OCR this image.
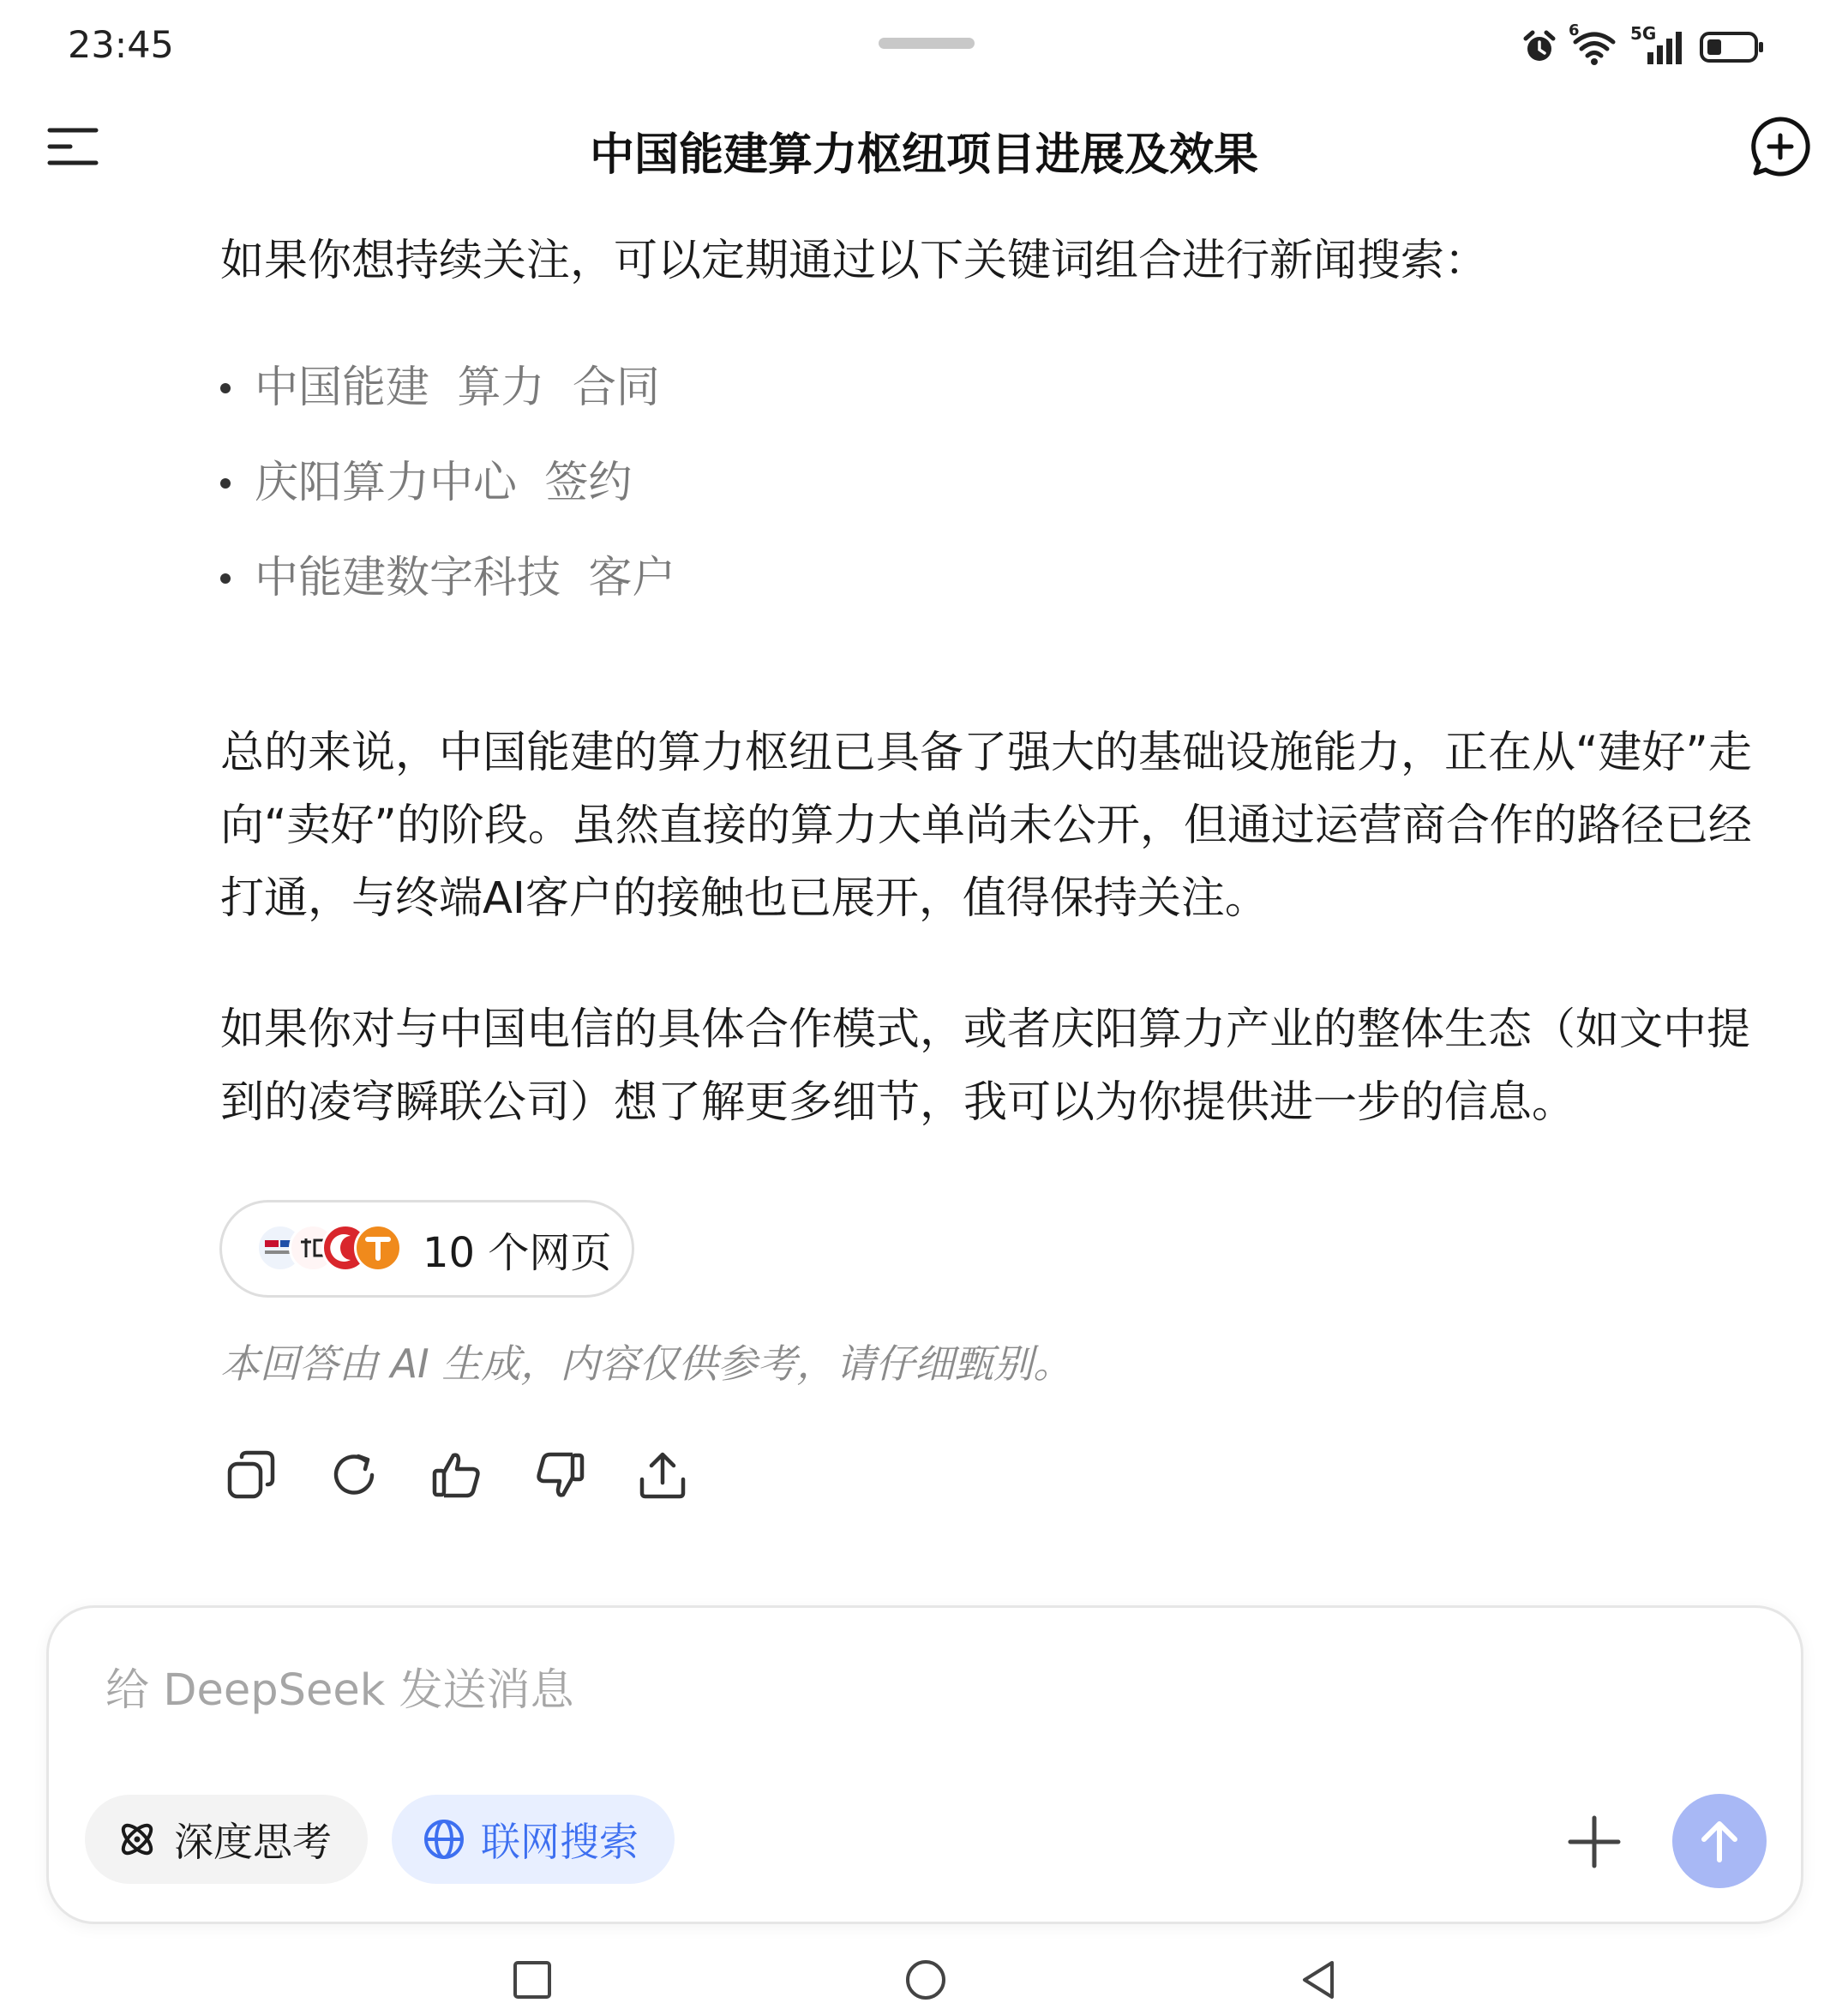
23:45	6	5G
中国能建算力枢纽项目进展及效果
如果你想持续关注，可以定期通过以下关键词组合进行新闻搜索：
中国能建  算力  合同
庆阳算力中心  签约
中能建数字科技  客户

总的来说，中国能建的算力枢纽已具备了强大的基础设施能力，正在从“建好”走向“卖好”的阶段。虽然直接的算力大单尚未公开，但通过运营商合作的路径已经打通，与终端AI客户的接触也已展开，值得保持关注。

如果你对与中国电信的具体合作模式，或者庆阳算力产业的整体生态（如文中提到的凌穹瞬联公司）想了解更多细节，我可以为你提供进一步的信息。

10 个网页
本回答由 AI 生成，内容仅供参考，请仔细甄别。
给 DeepSeek 发送消息
深度思考	联网搜索
